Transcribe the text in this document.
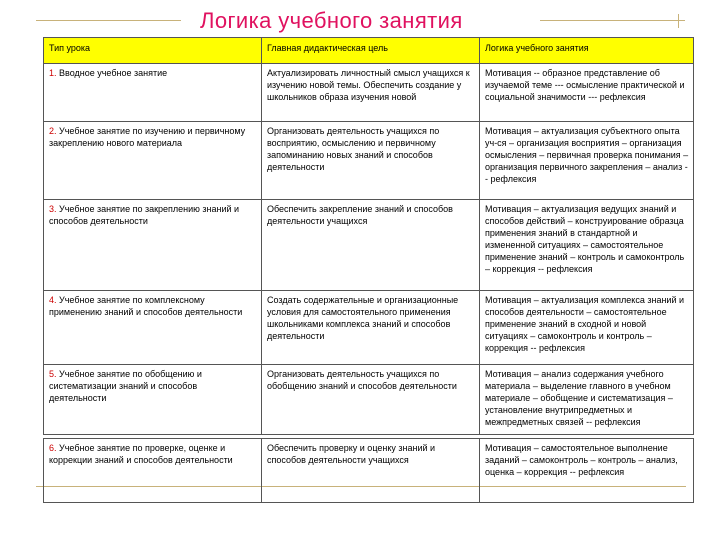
Логика учебного занятия
Тип урока	Главная дидактическая цель	Логика учебного занятия
1. Вводное учебное занятие	Актуализировать личностный смысл учащихся к изучению новой темы. Обеспечить создание у школьников образа изучения новой	Мотивация -- образное представление об изучаемой теме --- осмысление практической и социальной значимости --- рефлексия
2. Учебное занятие по изучению и первичному закреплению нового материала	Организовать деятельность учащихся по восприятию, осмыслению и первичному запоминанию новых знаний и способов деятельности	Мотивация – актуализация субъектного опыта уч-ся – организация восприятия – организация осмысления – первичная проверка понимания – организация первичного закрепления – анализ -- рефлексия
3. Учебное занятие по закреплению знаний и способов деятельности	Обеспечить закрепление знаний и способов деятельности учащихся	Мотивация – актуализация ведущих знаний и способов действий – конструирование образца применения знаний в стандартной и измененной ситуациях – самостоятельное применение знаний – контроль и самоконтроль – коррекция -- рефлексия
4. Учебное занятие по комплексному применению знаний и способов деятельности	Создать содержательные и организационные условия для самостоятельного применения школьниками комплекса знаний и способов деятельности	Мотивация – актуализация комплекса знаний и способов деятельности – самостоятельное применение знаний в сходной и новой ситуациях – самоконтроль и контроль – коррекция -- рефлексия
5. Учебное занятие по обобщению и систематизации знаний и способов деятельности	Организовать деятельность учащихся по обобщению знаний и способов деятельности	Мотивация – анализ содержания учебного материала – выделение главного в учебном материале – обобщение и систематизация – установление внутрипредметных и межпредметных связей -- рефлексия

6. Учебное занятие по проверке, оценке и коррекции знаний и способов деятельности	Обеспечить проверку и оценку знаний и способов деятельности учащихся	Мотивация – самостоятельное выполнение заданий – самоконтроль – контроль – анализ, оценка – коррекция -- рефлексия
